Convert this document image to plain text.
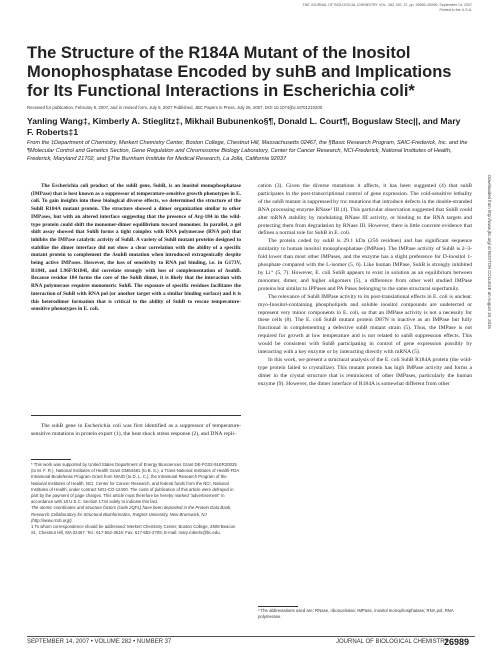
THE JOURNAL OF BIOLOGICAL CHEMISTRY VOL. 282, NO. 37, pp. 26989–26996, September 14, 2007
Printed in the U.S.A.
The Structure of the R184A Mutant of the Inositol Monophosphatase Encoded by suhB and Implications for Its Functional Interactions in Escherichia coli*
Received for publication, February 8, 2007, and in revised form, July 5, 2007 Published, JBC Papers in Press, July 25, 2007, DOI 10.1074/jbc.M701210200
Yanling Wang‡, Kimberly A. Stieglitz‡, Mikhail Bubunenko§¶, Donald L. Court¶, Boguslaw Stec||, and Mary F. Roberts‡1
From the ‡Department of Chemistry, Merkert Chemistry Center, Boston College, Chestnut Hill, Massachusetts 02467, the §Basic Research Program, SAIC-Frederick, Inc. and the ¶Molecular Control and Genetics Section, Gene Regulation and Chromosome Biology Laboratory, Center for Cancer Research, NCI-Frederick, National Institutes of Health, Frederick, Maryland 21702, and ||The Burnham Institute for Medical Research, La Jolla, California 92037

The Escherichia coli product of the suhB gene, SuhB, is an inositol monophosphatase (IMPase) that is best known as a suppressor of temperature-sensitive growth phenotypes in E. coli. To gain insights into these biological diverse effects, we determined the structure of the SuhB R184A mutant protein. The structure showed a dimer organization similar to other IMPases, but with an altered interface suggesting that the presence of Arg-184 in the wild-type protein could shift the monomer-dimer equilibrium toward monomer. In parallel, a gel shift assay showed that SuhB forms a tight complex with RNA polymerase (RNA pol) that inhibits the IMPase catalytic activity of SuhB. A variety of SuhB mutant proteins designed to stabilize the dimer interface did not show a clear correlation with the ability of a specific mutant protein to complement the ΔsuhB mutation when introduced extragenically despite being active IMPases. However, the loss of sensitivity to RNA pol binding, i.e. in G173V, R184I, and L96F/R184I, did correlate strongly with loss of complementation of ΔsuhB. Because residue 184 forms the core of the SuhB dimer, it is likely that the interaction with RNA polymerase requires monomeric SuhB. The exposure of specific residues facilitates the interaction of SuhB with RNA pol (or another target with a similar binding surface) and it is this heterodimer formation that is critical to the ability of SuhB to rescue temperature-sensitive phenotypes in E. coli.

The suhB gene in Escherichia coli was first identified as a suppressor of temperature-sensitive mutations in protein export (1), the heat shock stress response (2), and DNA repli-

* This work was supported by United States Department of Energy Biosciences Grant DE-FG02-91ER20025 (to M. F. R.), National Institutes of Health Grant GM64481 (to B. S.), a Trans-National Institutes of Health-FDA Intramural Biodefense Program Grant from NIAID (to D. L. C.), the Intramural Research Program of the National Institutes of Health, NCI, Center for Cancer Research, and federal funds from the NCI, National Institutes of Health, under contract NO1-CO-12400. The costs of publication of this article were defrayed in part by the payment of page charges. This article must therefore be hereby marked "advertisement" in accordance with 18 U.S.C. Section 1734 solely to indicate this fact.
The atomic coordinates and structure factors (code 2QFL) have been deposited in the Protein Data Bank, Research Collaboratory for Structural Bioinformatics, Rutgers University, New Brunswick, NJ (http://www.rcsb.org/).
1 To whom correspondence should be addressed: Merkert Chemistry Center, Boston College, 2609 Beacon St., Chestnut Hill, MA 02467. Tel.: 617-552-3616; Fax: 617-552-2705; E-mail: mary.roberts@bc.edu.

cation (3). Given the diverse mutations it affects, it has been suggested (4) that suhB participates in the post-transcriptional control of gene expression. The cold-sensitive lethality of the suhB mutant is suppressed by rnc mutations that introduce defects in the double-stranded RNA processing enzyme RNase² III (4). This particular observation suggested that SuhB could alter mRNA stability by modulating RNase III activity, or binding to the RNA targets and protecting them from degradation by RNase III. However, there is little concrete evidence that defines a normal role for SuhB in E. coli.

The protein coded by suhB is 29.1 kDa (256 residues) and has significant sequence similarity to human inositol monophosphatase (IMPase). The IMPase activity of SuhB is 2–3-fold lower than most other IMPases, and the enzyme has a slight preference for D-inositol 1-phosphate compared with the L-isomer (5, 6). Like human IMPase, SuhB is strongly inhibited by Li⁺ (5, 7). However, E. coli SuhB appears to exist in solution as an equilibrium between monomer, dimer, and higher oligomers (5), a difference from other well studied IMPase proteins but similar to IPPases and PA Pases belonging to the same structural superfamily.

The relevance of SuhB IMPase activity to its post-translational effects in E. coli is unclear. myo-Inositol-containing phospholipids and soluble inositol compounds are undetected or represent very minor components in E. coli, so that an IMPase activity is not a necessity for these cells (8). The E. coli SuhB mutant protein D87N is inactive as an IMPase but fully functional in complementing a defective suhB mutant strain (5). Thus, the IMPase is not required for growth at low temperature and is not related to suhB suppression effects. This would be consistent with SuhB participating in control of gene expression possibly by interacting with a key enzyme or by interacting directly with mRNA (5).

In this work, we present a structural analysis of the E. coli SuhB R184A protein (the wild-type protein failed to crystallize). This mutant protein has high IMPase activity and forms a dimer in the crystal structure that is reminiscent of other IMPases, particularly the human enzyme (9). However, the dimer interface of R184A is somewhat different from other

² The abbreviations used are: RNase, ribonuclease; IMPase, inositol monophosphatase; RNA pol, RNA polymerase.
Downloaded from http://www.jbc.org/ at BOSTON COLLEGE on August 18, 2016
SEPTEMBER 14, 2007 • VOLUME 282 • NUMBER 37	JOURNAL OF BIOLOGICAL CHEMISTRY
26989
